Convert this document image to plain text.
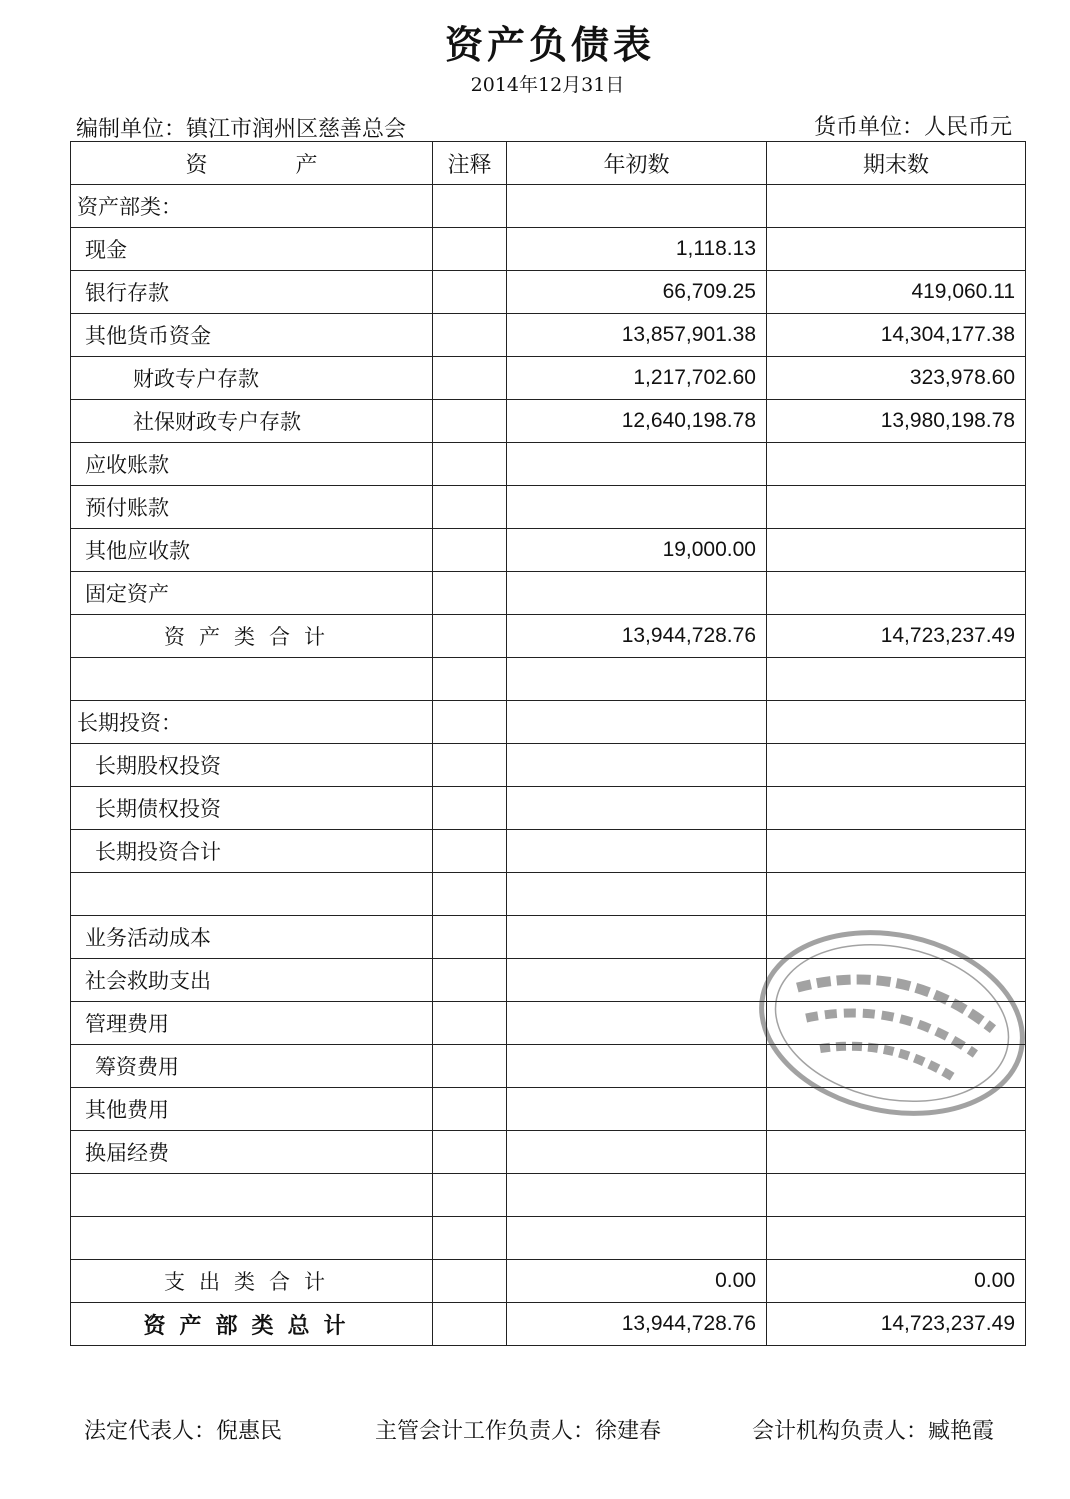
资产负债表
2014年12月31日
编制单位：镇江市润州区慈善总会	货币单位：人民币元
资 产	注释	年初数	期末数
资产部类：			
现金		1,118.13	
银行存款		66,709.25	419,060.11
其他货币资金		13,857,901.38	14,304,177.38
财政专户存款		1,217,702.60	323,978.60
社保财政专户存款		12,640,198.78	13,980,198.78
应收账款			
预付账款			
其他应收款		19,000.00	
固定资产			
资产类合计		13,944,728.76	14,723,237.49

长期投资：			
长期股权投资			
长期债权投资			
长期投资合计			

业务活动成本			
社会救助支出			
管理费用			
筹资费用			
其他费用			
换届经费			

支出类合计		0.00	0.00
资产部类总计		13,944,728.76	14,723,237.49
法定代表人：倪惠民	主管会计工作负责人：徐建春	会计机构负责人：臧艳霞
